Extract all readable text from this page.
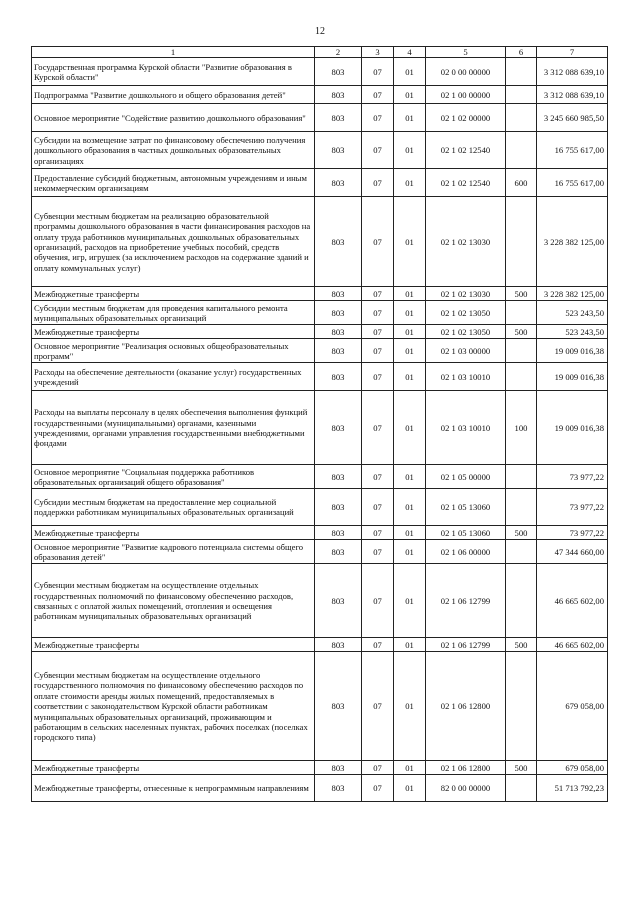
12
1	2	3	4	5	6	7
Государственная программа Курской области "Развитие образования в Курской области"	803	07	01	02 0 00 00000		3 312 088 639,10
Подпрограмма "Развитие дошкольного и общего образования детей"	803	07	01	02 1 00 00000		3 312 088 639,10
Основное мероприятие "Содействие развитию дошкольного образования"	803	07	01	02 1 02 00000		3 245 660 985,50
Субсидии на возмещение затрат по финансовому обеспечению получения дошкольного образования в частных дошкольных образовательных организациях	803	07	01	02 1 02 12540		16 755 617,00
Предоставление субсидий бюджетным, автономным учреждениям и иным некоммерческим организациям	803	07	01	02 1 02 12540	600	16 755 617,00
Субвенции местным бюджетам на реализацию образовательной программы дошкольного образования в части финансирования расходов на оплату труда работников муниципальных дошкольных образовательных организаций, расходов на приобретение учебных пособий, средств обучения, игр, игрушек (за исключением расходов на содержание зданий и оплату коммунальных услуг)	803	07	01	02 1 02 13030		3 228 382 125,00
Межбюджетные трансферты	803	07	01	02 1 02 13030	500	3 228 382 125,00
Субсидии местным бюджетам для проведения капитального ремонта муниципальных образовательных организаций	803	07	01	02 1 02 13050		523 243,50
Межбюджетные трансферты	803	07	01	02 1 02 13050	500	523 243,50
Основное мероприятие "Реализация основных общеобразовательных программ"	803	07	01	02 1 03 00000		19 009 016,38
Расходы на обеспечение деятельности (оказание услуг) государственных учреждений	803	07	01	02 1 03 10010		19 009 016,38
Расходы на выплаты персоналу в целях обеспечения выполнения функций государственными (муниципальными) органами, казенными учреждениями, органами управления государственными внебюджетными фондами	803	07	01	02 1 03 10010	100	19 009 016,38
Основное мероприятие "Социальная поддержка работников образовательных организаций общего образования"	803	07	01	02 1 05 00000		73 977,22
Субсидии местным бюджетам на предоставление мер социальной поддержки работникам муниципальных образовательных организаций	803	07	01	02 1 05 13060		73 977,22
Межбюджетные трансферты	803	07	01	02 1 05 13060	500	73 977,22
Основное мероприятие "Развитие кадрового потенциала системы общего образования детей"	803	07	01	02 1 06 00000		47 344 660,00
Субвенции местным бюджетам на осуществление отдельных государственных полномочий по финансовому обеспечению расходов, связанных с оплатой жилых помещений, отопления и освещения работникам муниципальных образовательных организаций	803	07	01	02 1 06 12799		46 665 602,00
Межбюджетные трансферты	803	07	01	02 1 06 12799	500	46 665 602,00
Субвенции местным бюджетам на осуществление отдельного государственного полномочия по финансовому обеспечению расходов по оплате стоимости аренды жилых помещений, предоставляемых в соответствии с законодательством Курской области работникам муниципальных образовательных организаций, проживающим и работающим в сельских населенных пунктах, рабочих поселках (поселках городского типа)	803	07	01	02 1 06 12800		679 058,00
Межбюджетные трансферты	803	07	01	02 1 06 12800	500	679 058,00
Межбюджетные трансферты, отнесенные к непрограммным направлениям	803	07	01	82 0 00 00000		51 713 792,23
